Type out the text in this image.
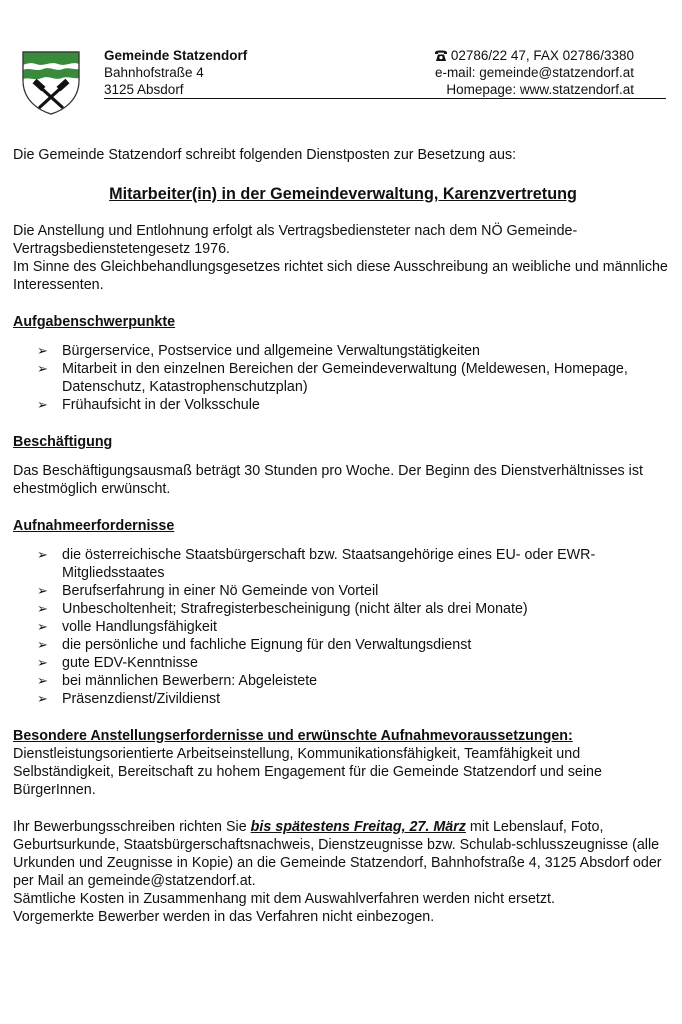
Gemeinde Statzendorf
Bahnhofstraße 4
3125 Absdorf
02786/22 47, FAX 02786/3380
e-mail: gemeinde@statzendorf.at
Homepage: www.statzendorf.at

Die Gemeinde Statzendorf schreibt folgenden Dienstposten zur Besetzung aus:

Mitarbeiter(in) in der Gemeindeverwaltung, Karenzvertretung

Die Anstellung und Entlohnung erfolgt als Vertragsbediensteter nach dem NÖ Gemeinde-Vertragsbedienstetengesetz 1976.

Im Sinne des Gleichbehandlungsgesetzes richtet sich diese Ausschreibung an weibliche und männliche Interessenten.

Aufgabenschwerpunkte
➢ Bürgerservice, Postservice und allgemeine Verwaltungstätigkeiten
➢ Mitarbeit in den einzelnen Bereichen der Gemeindeverwaltung (Meldewesen, Homepage, Datenschutz, Katastrophenschutzplan)
➢ Frühaufsicht in der Volksschule
Beschäftigung

Das Beschäftigungsausmaß beträgt 30 Stunden pro Woche. Der Beginn des Dienstverhältnisses ist ehestmöglich erwünscht.

Aufnahmeerfordernisse
➢ die österreichische Staatsbürgerschaft bzw. Staatsangehörige eines EU- oder EWR- Mitgliedsstaates
➢ Berufserfahrung in einer Nö Gemeinde von Vorteil
➢ Unbescholtenheit; Strafregisterbescheinigung (nicht älter als drei Monate)
➢ volle Handlungsfähigkeit
➢ die persönliche und fachliche Eignung für den Verwaltungsdienst
➢ gute EDV-Kenntnisse
➢ bei männlichen Bewerbern: Abgeleistete
➢ Präsenzdienst/Zivildienst
Besondere Anstellungserfordernisse und erwünschte Aufnahmevoraussetzungen:

Dienstleistungsorientierte Arbeitseinstellung, Kommunikationsfähigkeit, Teamfähigkeit und Selbständigkeit, Bereitschaft zu hohem Engagement für die Gemeinde Statzendorf und seine BürgerInnen.

Ihr Bewerbungsschreiben richten Sie bis spätestens Freitag, 27. März mit Lebenslauf, Foto, Geburtsurkunde, Staatsbürgerschaftsnachweis, Dienstzeugnisse bzw. Schulab-schlusszeugnisse (alle Urkunden und Zeugnisse in Kopie) an die Gemeinde Statzendorf, Bahnhofstraße 4, 3125 Absdorf oder per Mail an gemeinde@statzendorf.at.

Sämtliche Kosten in Zusammenhang mit dem Auswahlverfahren werden nicht ersetzt.

Vorgemerkte Bewerber werden in das Verfahren nicht einbezogen.
